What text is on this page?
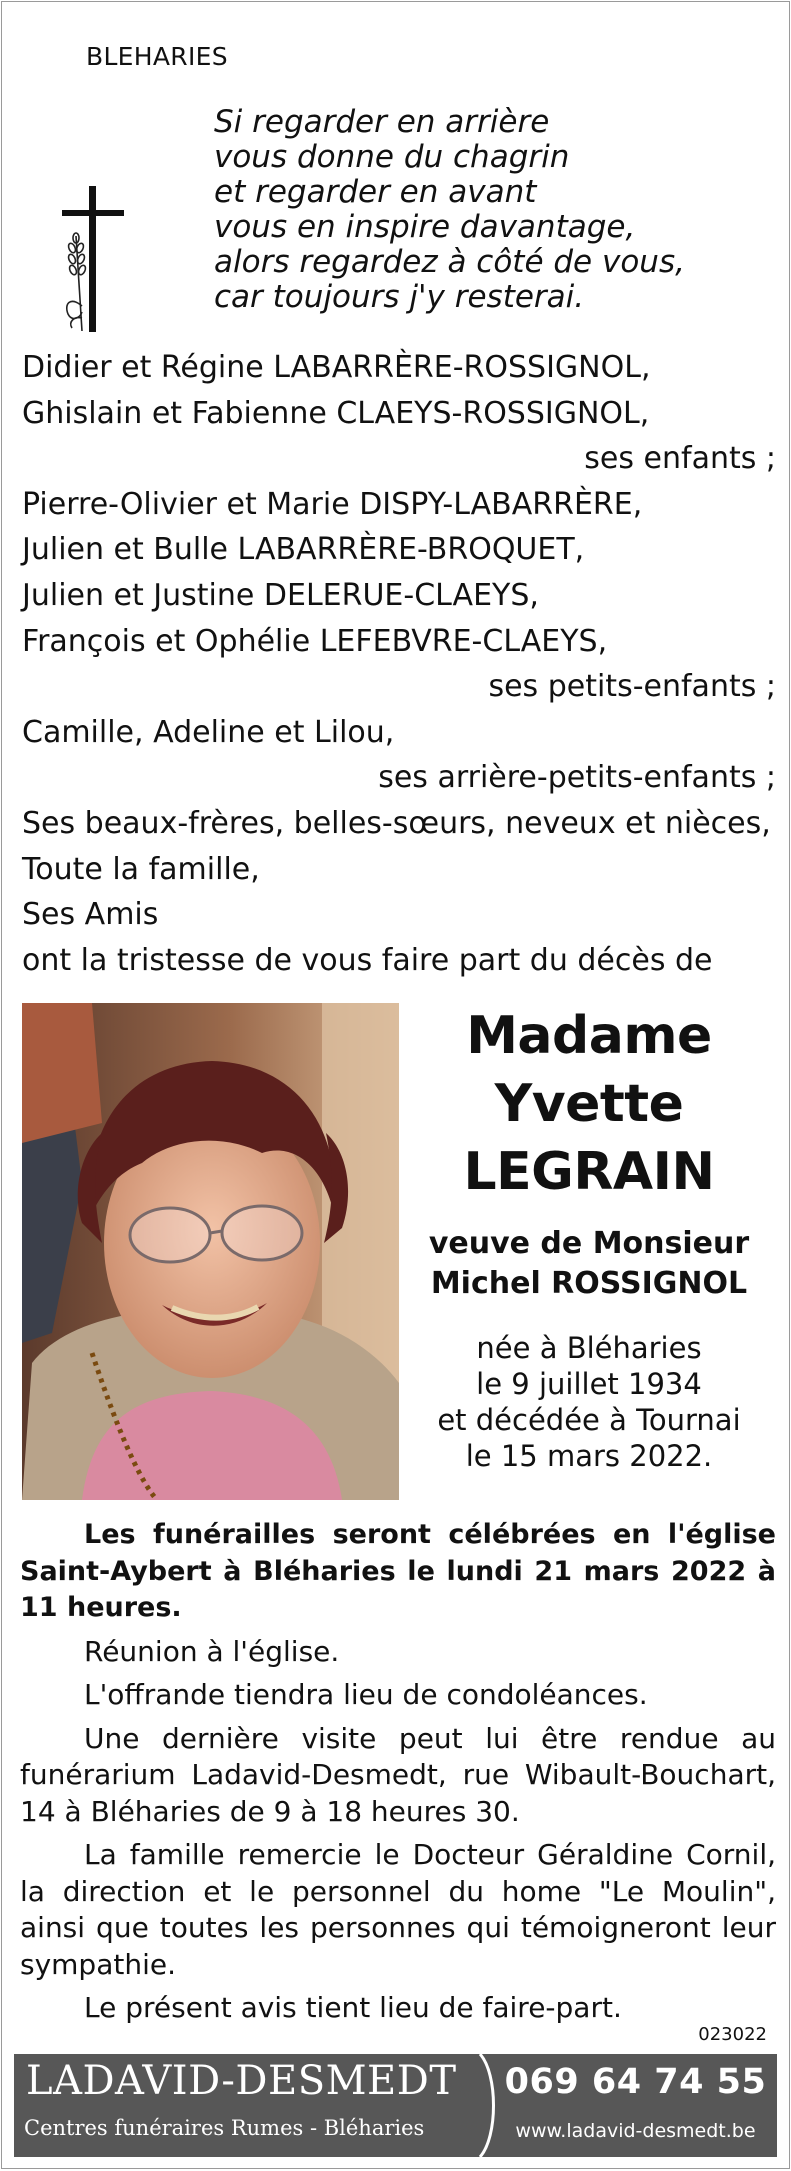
BLEHARIES
Si regarder en arrière
vous donne du chagrin
et regarder en avant
vous en inspire davantage,
alors regardez à côté de vous,
car toujours j'y resterai.
Didier et Régine LABARRÈRE-ROSSIGNOL,
Ghislain et Fabienne CLAEYS-ROSSIGNOL,
ses enfants ;
Pierre-Olivier et Marie DISPY-LABARRÈRE,
Julien et Bulle LABARRÈRE-BROQUET,
Julien et Justine DELERUE-CLAEYS,
François et Ophélie LEFEBVRE-CLAEYS,
ses petits-enfants ;
Camille, Adeline et Lilou,
ses arrière-petits-enfants ;
Ses beaux-frères, belles-sœurs, neveux et nièces,
Toute la famille,
Ses Amis
ont la tristesse de vous faire part du décès de
Madame
Yvette
LEGRAIN
veuve de Monsieur
Michel ROSSIGNOL
née à Bléharies
le 9 juillet 1934
et décédée à Tournai
le 15 mars 2022.

Les funérailles seront célébrées en l'église Saint-Aybert à Bléharies le lundi 21 mars 2022 à 11 heures.

Réunion à l'église.

L'offrande tiendra lieu de condoléances.

Une dernière visite peut lui être rendue au funérarium Ladavid-Desmedt, rue Wibault-Bouchart, 14 à Bléharies de 9 à 18 heures 30.

La famille remercie le Docteur Géraldine Cornil, la direction et le personnel du home "Le Moulin", ainsi que toutes les personnes qui témoigneront leur sympathie.

Le présent avis tient lieu de faire-part.

023022
LADAVID-DESMEDT
Centres funéraires Rumes - Bléharies
069 64 74 55
www.ladavid-desmedt.be
